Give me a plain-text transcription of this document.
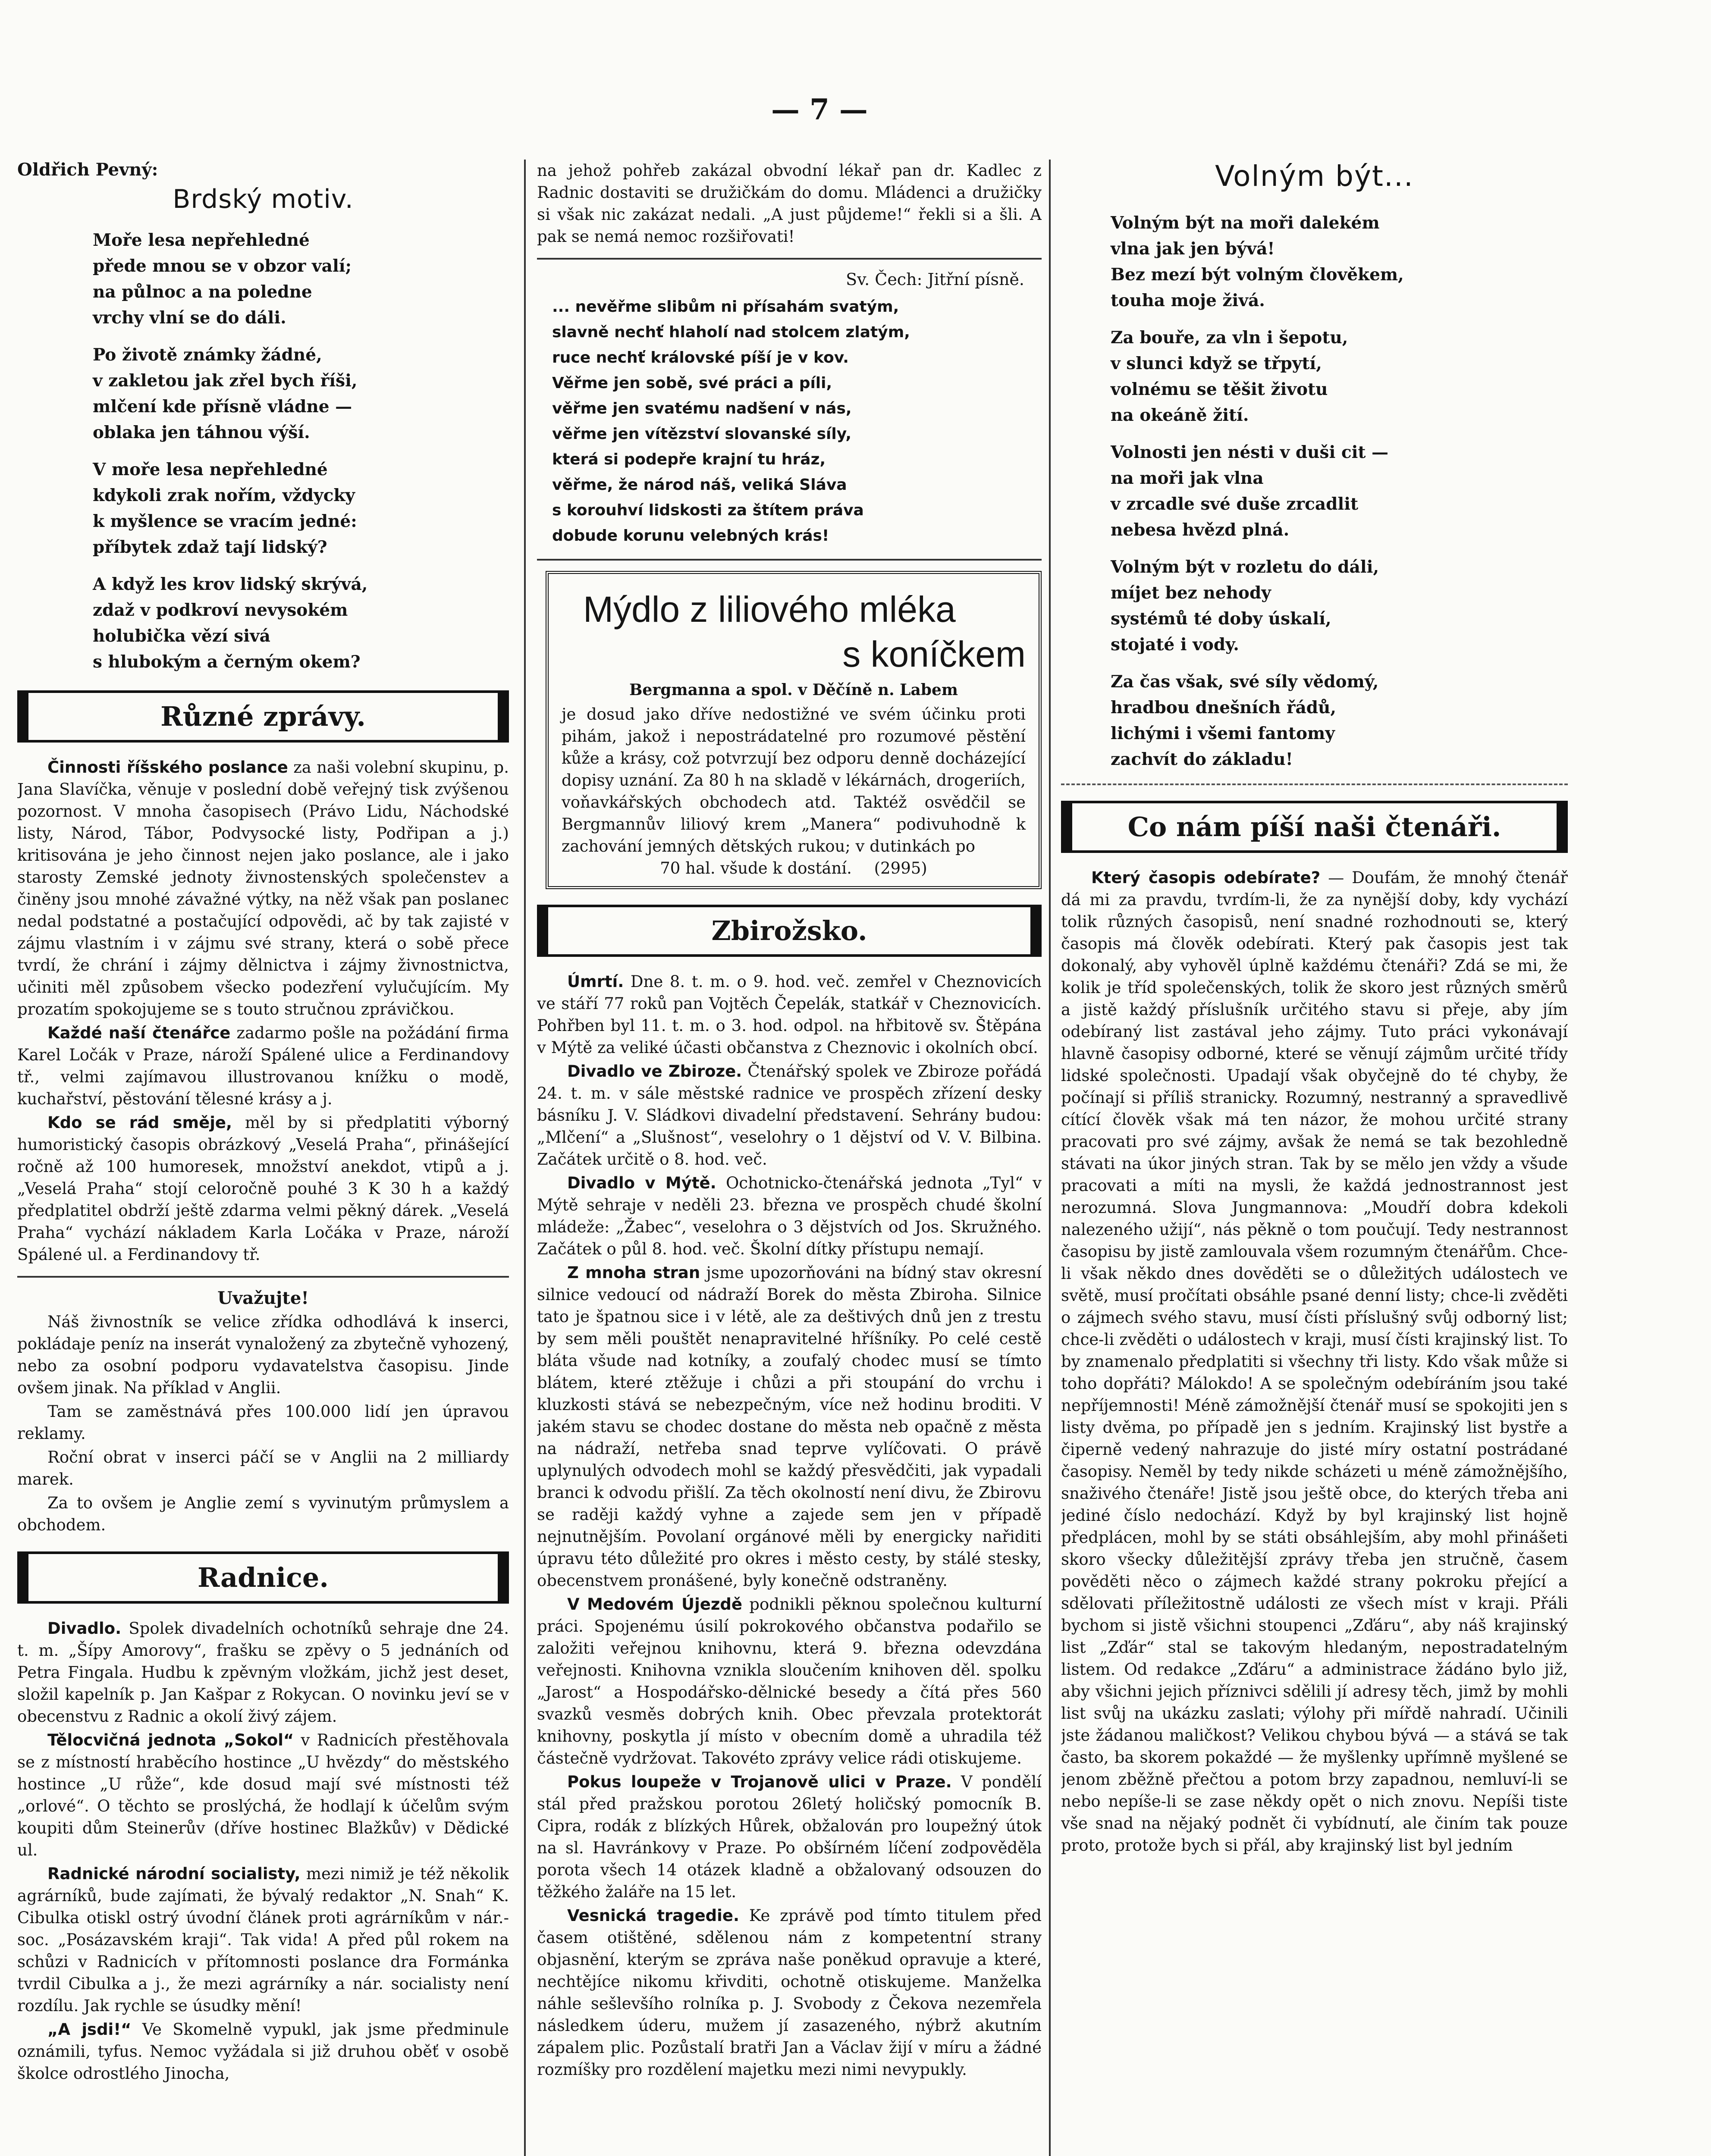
— 7 —
Oldřich Pevný:
Brdský motiv.
Moře lesa nepřehledné
přede mnou se v obzor valí;
na půlnoc a na poledne
vrchy vlní se do dáli.
Po životě známky žádné,
v zakletou jak zřel bych říši,
mlčení kde přísně vládne —
oblaka jen táhnou výší.
V moře lesa nepřehledné
kdykoli zrak nořím, vždycky
k myšlence se vracím jedné:
příbytek zdaž tají lidský?
A když les krov lidský skrývá,
zdaž v podkroví nevysokém
holubička vězí sivá
s hlubokým a černým okem?
Různé zprávy.

Činnosti říšského poslance za naši volební skupinu, p. Jana Slavíčka, věnuje v poslední době veřejný tisk zvýšenou pozornost. V mnoha časopisech (Právo Lidu, Náchodské listy, Národ, Tábor, Podvysocké listy, Podřipan a j.) kritisována je jeho činnost nejen jako poslance, ale i jako starosty Zemské jednoty živnostenských společenstev a činěny jsou mnohé závažné výtky, na něž však pan poslanec nedal podstatné a postačující odpovědi, ač by tak zajisté v zájmu vlastním i v zájmu své strany, která o sobě přece tvrdí, že chrání i zájmy dělnictva i zájmy živnostnictva, učiniti měl způsobem všecko podezření vylučujícím. My prozatím spokojujeme se s touto stručnou zprávičkou.

Každé naší čtenářce zadarmo pošle na požádání firma Karel Ločák v Praze, nároží Spálené ulice a Ferdinandovy tř., velmi zajímavou illustrovanou knížku o modě, kuchařství, pěstování tělesné krásy a j.

Kdo se rád směje, měl by si předplatiti výborný humoristický časopis obrázkový „Veselá Praha“, přinášející ročně až 100 humoresek, množství anekdot, vtipů a j. „Veselá Praha“ stojí celoročně pouhé 3 K 30 h a každý předplatitel obdrží ještě zdarma velmi pěkný dárek. „Veselá Praha“ vychází nákladem Karla Ločáka v Praze, nároží Spálené ul. a Ferdinandovy tř.

Uvažujte!

Náš živnostník se velice zřídka odhodlává k inserci, pokládaje peníz na inserát vynaložený za zbytečně vyhozený, nebo za osobní podporu vydavatelstva časopisu. Jinde ovšem jinak. Na příklad v Anglii.

Tam se zaměstnává přes 100.000 lidí jen úpravou reklamy.

Roční obrat v inserci páčí se v Anglii na 2 milliardy marek.

Za to ovšem je Anglie zemí s vyvinutým průmyslem a obchodem.

Radnice.

Divadlo. Spolek divadelních ochotníků sehraje dne 24. t. m. „Šípy Amorovy“, frašku se zpěvy o 5 jednáních od Petra Fingala. Hudbu k zpěvným vložkám, jichž jest deset, složil kapelník p. Jan Kašpar z Rokycan. O novinku jeví se v obecenstvu z Radnic a okolí živý zájem.

Tělocvičná jednota „Sokol“ v Radnicích přestěhovala se z místností hraběcího hostince „U hvězdy“ do městského hostince „U růže“, kde dosud mají své místnosti též „orlové“. O těchto se proslýchá, že hodlají k účelům svým koupiti dům Steinerův (dříve hostinec Blažkův) v Dědické ul.

Radnické národní socialisty, mezi nimiž je též několik agrárníků, bude zajímati, že bývalý redaktor „N. Snah“ K. Cibulka otiskl ostrý úvodní článek proti agrárníkům v nár.-soc. „Posázavském kraji“. Tak vida! A před půl rokem na schůzi v Radnicích v přítomnosti poslance dra Formánka tvrdil Cibulka a j., že mezi agrárníky a nár. socialisty není rozdílu. Jak rychle se úsudky mění!

„A jsdi!“ Ve Skomelně vypukl, jak jsme předminule oznámili, tyfus. Nemoc vyžádala si již druhou oběť v osobě školce odrostlého Jinocha,

na jehož pohřeb zakázal obvodní lékař pan dr. Kadlec z Radnic dostaviti se družičkám do domu. Mládenci a družičky si však nic zakázat nedali. „A just půjdeme!“ řekli si a šli. A pak se nemá nemoc rozšiřovati!

Sv. Čech: Jitřní písně.
... nevěřme slibům ni přísahám svatým,
slavně nechť hlaholí nad stolcem zlatým,
ruce nechť královské píší je v kov.
Věřme jen sobě, své práci a píli,
věřme jen svatému nadšení v nás,
věřme jen vítězství slovanské síly,
která si podepře krajní tu hráz,
věřme, že národ náš, veliká Sláva
s korouhví lidskosti za štítem práva
dobude korunu velebných krás!
Mýdlo z liliového mléka
s koníčkem
Bergmanna a spol. v Děčíně n. Labem

je dosud jako dříve nedostižné ve svém účinku proti pihám, jakož i nepostrádatelné pro rozumové pěstění kůže a krásy, což potvrzují bez odporu denně docházející dopisy uznání. Za 80 h na skladě v lékárnách, drogeriích, voňavkářských obchodech atd. Taktéž osvědčil se Bergmannův liliový krem „Manera“ podivuhodně k zachování jemných dětských rukou; v dutinkách po

70 hal. všude k dostání. (2995)
Zbirožsko.

Úmrtí. Dne 8. t. m. o 9. hod. več. zemřel v Cheznovicích ve stáří 77 roků pan Vojtěch Čepelák, statkář v Cheznovicích. Pohřben byl 11. t. m. o 3. hod. odpol. na hřbitově sv. Štěpána v Mýtě za veliké účasti občanstva z Cheznovic i okolních obcí.

Divadlo ve Zbiroze. Čtenářský spolek ve Zbiroze pořádá 24. t. m. v sále městské radnice ve prospěch zřízení desky básníku J. V. Sládkovi divadelní představení. Sehrány budou: „Mlčení“ a „Slušnost“, veselohry o 1 dějství od V. V. Bilbina. Začátek určitě o 8. hod. več.

Divadlo v Mýtě. Ochotnicko-čtenářská jednota „Tyl“ v Mýtě sehraje v neděli 23. března ve prospěch chudé školní mládeže: „Žabec“, veselohra o 3 dějstvích od Jos. Skružného. Začátek o půl 8. hod. več. Školní dítky přístupu nemají.

Z mnoha stran jsme upozorňováni na bídný stav okresní silnice vedoucí od nádraží Borek do města Zbiroha. Silnice tato je špatnou sice i v létě, ale za deštivých dnů jen z trestu by sem měli pouštět nenapravitelné hříšníky. Po celé cestě bláta všude nad kotníky, a zoufalý chodec musí se tímto blátem, které ztěžuje i chůzi a při stoupání do vrchu i kluzkosti stává se nebezpečným, více než hodinu broditi. V jakém stavu se chodec dostane do města neb opačně z města na nádraží, netřeba snad teprve vylíčovati. O právě uplynulých odvodech mohl se každý přesvědčiti, jak vypadali branci k odvodu přišlí. Za těch okolností není divu, že Zbirovu se raději každý vyhne a zajede sem jen v případě nejnutnějším. Povolaní orgánové měli by energicky nařiditi úpravu této důležité pro okres i město cesty, by stálé stesky, obecenstvem pronášené, byly konečně odstraněny.

V Medovém Újezdě podnikli pěknou společnou kulturní práci. Spojenému úsilí pokrokového občanstva podařilo se založiti veřejnou knihovnu, která 9. března odevzdána veřejnosti. Knihovna vznikla sloučením knihoven děl. spolku „Jarost“ a Hospodářsko-dělnické besedy a čítá přes 560 svazků vesměs dobrých knih. Obec převzala protektorát knihovny, poskytla jí místo v obecním domě a uhradila též částečně vydržovat. Takovéto zprávy velice rádi otiskujeme.

Pokus loupeže v Trojanově ulici v Praze. V pondělí stál před pražskou porotou 26letý holičský pomocník B. Cipra, rodák z blízkých Hůrek, obžalován pro loupežný útok na sl. Havránkovy v Praze. Po obšírném líčení zodpověděla porota všech 14 otázek kladně a obžalovaný odsouzen do těžkého žaláře na 15 let.

Vesnická tragedie. Ke zprávě pod tímto titulem před časem otištěné, sdělenou nám z kompetentní strany objasnění, kterým se zpráva naše poněkud opravuje a které, nechtějíce nikomu křivditi, ochotně otiskujeme. Manželka náhle sešlevšího rolníka p. J. Svobody z Čekova nezemřela následkem úderu, mužem jí zasazeného, nýbrž akutním zápalem plic. Pozůstalí bratři Jan a Václav žijí v míru a žádné rozmíšky pro rozdělení majetku mezi nimi nevypukly.

Volným být...
Volným být na moři dalekém
vlna jak jen bývá!
Bez mezí být volným člověkem,
touha moje živá.
Za bouře, za vln i šepotu,
v slunci když se třpytí,
volnému se těšit životu
na okeáně žití.
Volnosti jen nésti v duši cit —
na moři jak vlna
v zrcadle své duše zrcadlit
nebesa hvězd plná.
Volným být v rozletu do dáli,
míjet bez nehody
systémů té doby úskalí,
stojaté i vody.
Za čas však, své síly vědomý,
hradbou dnešních řádů,
lichými i všemi fantomy
zachvít do základu!
Co nám píší naši čtenáři.

Který časopis odebírate? — Doufám, že mnohý čtenář dá mi za pravdu, tvrdím-li, že za nynější doby, kdy vychází tolik různých časopisů, není snadné rozhodnouti se, který časopis má člověk odebírati. Který pak časopis jest tak dokonalý, aby vyhověl úplně každému čtenáři? Zdá se mi, že kolik je tříd společenských, tolik že skoro jest různých směrů a jistě každý příslušník určitého stavu si přeje, aby jím odebíraný list zastával jeho zájmy. Tuto práci vykonávají hlavně časopisy odborné, které se věnují zájmům určité třídy lidské společnosti. Upadají však obyčejně do té chyby, že počínají si příliš stranicky. Rozumný, nestranný a spravedlivě cítící člověk však má ten názor, že mohou určité strany pracovati pro své zájmy, avšak že nemá se tak bezohledně stávati na úkor jiných stran. Tak by se mělo jen vždy a všude pracovati a míti na mysli, že každá jednostrannost jest nerozumná. Slova Jungmannova: „Moudří dobra kdekoli nalezeného užijí“, nás pěkně o tom poučují. Tedy nestrannost časopisu by jistě zamlouvala všem rozumným čtenářům. Chce-li však někdo dnes dověděti se o důležitých událostech ve světě, musí pročítati obsáhle psané denní listy; chce-li zvěděti o zájmech svého stavu, musí čísti příslušný svůj odborný list; chce-li zvěděti o událostech v kraji, musí čísti krajinský list. To by znamenalo předplatiti si všechny tři listy. Kdo však může si toho dopřáti? Málokdo! A se společným odebíráním jsou také nepříjemnosti! Méně zámožnější čtenář musí se spokojiti jen s listy dvěma, po případě jen s jedním. Krajinský list bystře a čiperně vedený nahrazuje do jisté míry ostatní postrádané časopisy. Neměl by tedy nikde scházeti u méně zámožnějšího, snaživého čtenáře! Jistě jsou ještě obce, do kterých třeba ani jediné číslo nedochází. Když by byl krajinský list hojně předplácen, mohl by se státi obsáhlejším, aby mohl přinášeti skoro všecky důležitější zprávy třeba jen stručně, časem pověděti něco o zájmech každé strany pokroku přející a sdělovati příležitostně události ze všech míst v kraji. Přáli bychom si jistě všichni stoupenci „Zďáru“, aby náš krajinský list „Zďár“ stal se takovým hledaným, nepostradatelným listem. Od redakce „Zďáru“ a administrace žádáno bylo již, aby všichni jejich příznivci sdělili jí adresy těch, jimž by mohli list svůj na ukázku zaslati; výlohy při mířdě nahradí. Učinili jste žádanou maličkost? Velikou chybou bývá — a stává se tak často, ba skorem pokaždé — že myšlenky upřímně myšlené se jenom zběžně přečtou a potom brzy zapadnou, nemluví-li se nebo nepíše-li se zase někdy opět o nich znovu. Nepíši tiste vše snad na nějaký podnět či vybídnutí, ale činím tak pouze proto, protože bych si přál, aby krajinský list byl jedním
